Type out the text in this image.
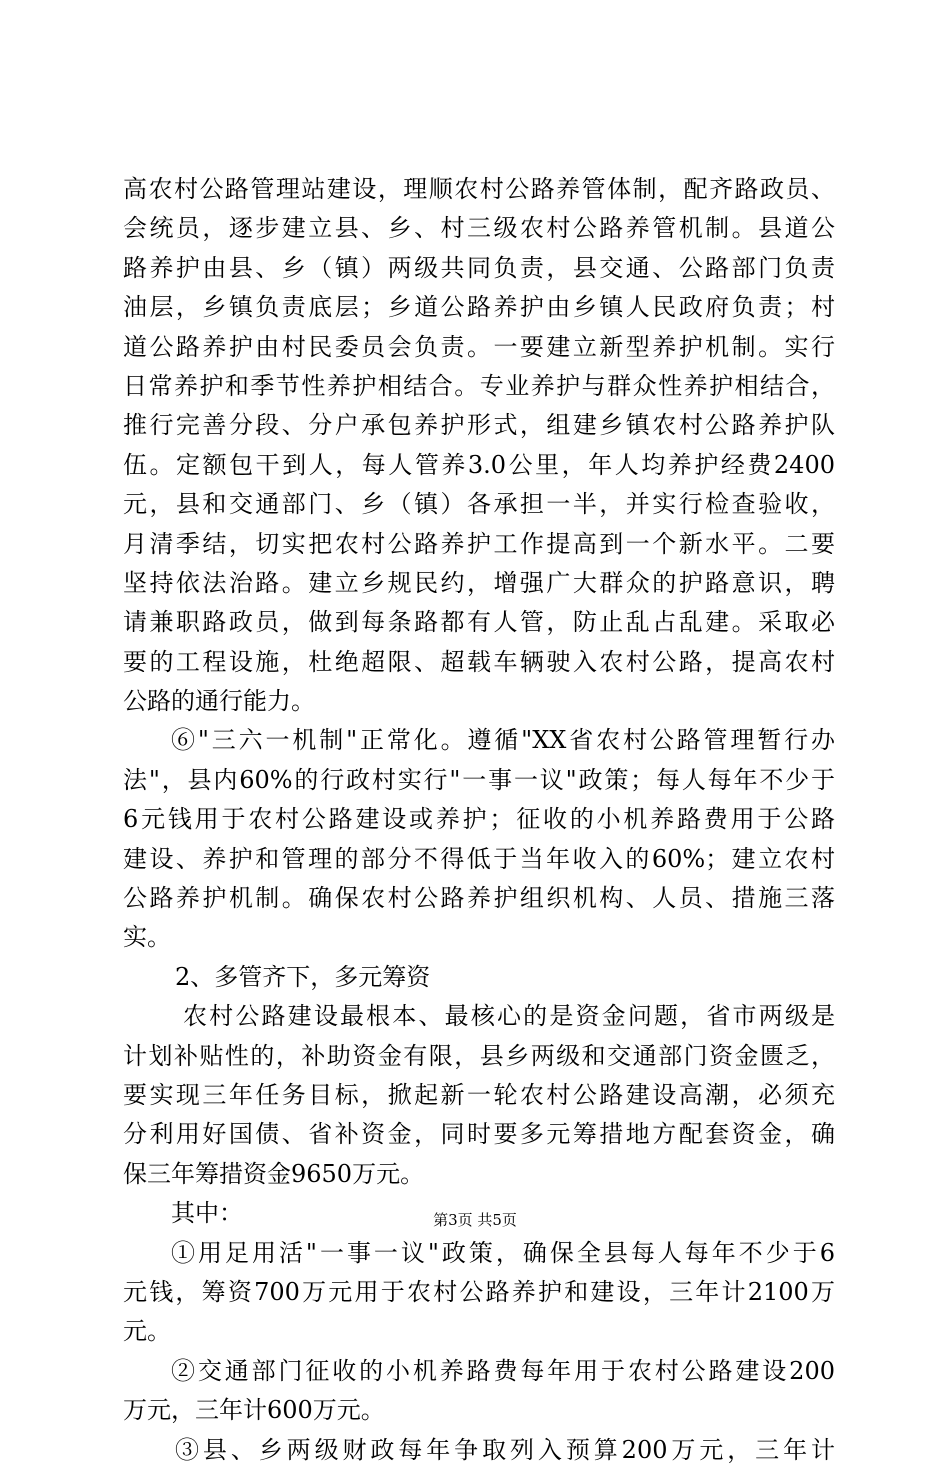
高农村公路管理站建设，理顺农村公路养管体制，配齐路政员、
会统员，逐步建立县、乡、村三级农村公路养管机制。县道公
路养护由县、乡（镇）两级共同负责，县交通、公路部门负责
油层，乡镇负责底层；乡道公路养护由乡镇人民政府负责；村
道公路养护由村民委员会负责。一要建立新型养护机制。实行
日常养护和季节性养护相结合。专业养护与群众性养护相结合，
推行完善分段、分户承包养护形式，组建乡镇农村公路养护队
伍。定额包干到人，每人管养3.0公里，年人均养护经费2400
元，县和交通部门、乡（镇）各承担一半，并实行检查验收，
月清季结，切实把农村公路养护工作提高到一个新水平。二要
坚持依法治路。建立乡规民约，增强广大群众的护路意识，聘
请兼职路政员，做到每条路都有人管，防止乱占乱建。采取必
要的工程设施，杜绝超限、超载车辆驶入农村公路，提高农村
公路的通行能力。
⑥"三六一机制"正常化。遵循"XX省农村公路管理暂行办
法"，县内60%的行政村实行"一事一议"政策；每人每年不少于
6元钱用于农村公路建设或养护；征收的小机养路费用于公路
建设、养护和管理的部分不得低于当年收入的60%；建立农村
公路养护机制。确保农村公路养护组织机构、人员、措施三落
实。
2、多管齐下，多元筹资
农村公路建设最根本、最核心的是资金问题，省市两级是
计划补贴性的，补助资金有限，县乡两级和交通部门资金匮乏，
要实现三年任务目标，掀起新一轮农村公路建设高潮，必须充
分利用好国债、省补资金，同时要多元筹措地方配套资金，确
保三年筹措资金9650万元。
其中：
①用足用活"一事一议"政策，确保全县每人每年不少于6
元钱，筹资700万元用于农村公路养护和建设，三年计2100万
元。
②交通部门征收的小机养路费每年用于农村公路建设200
万元，三年计600万元。
③县、乡两级财政每年争取列入预算200万元，三年计
第3页 共5页
